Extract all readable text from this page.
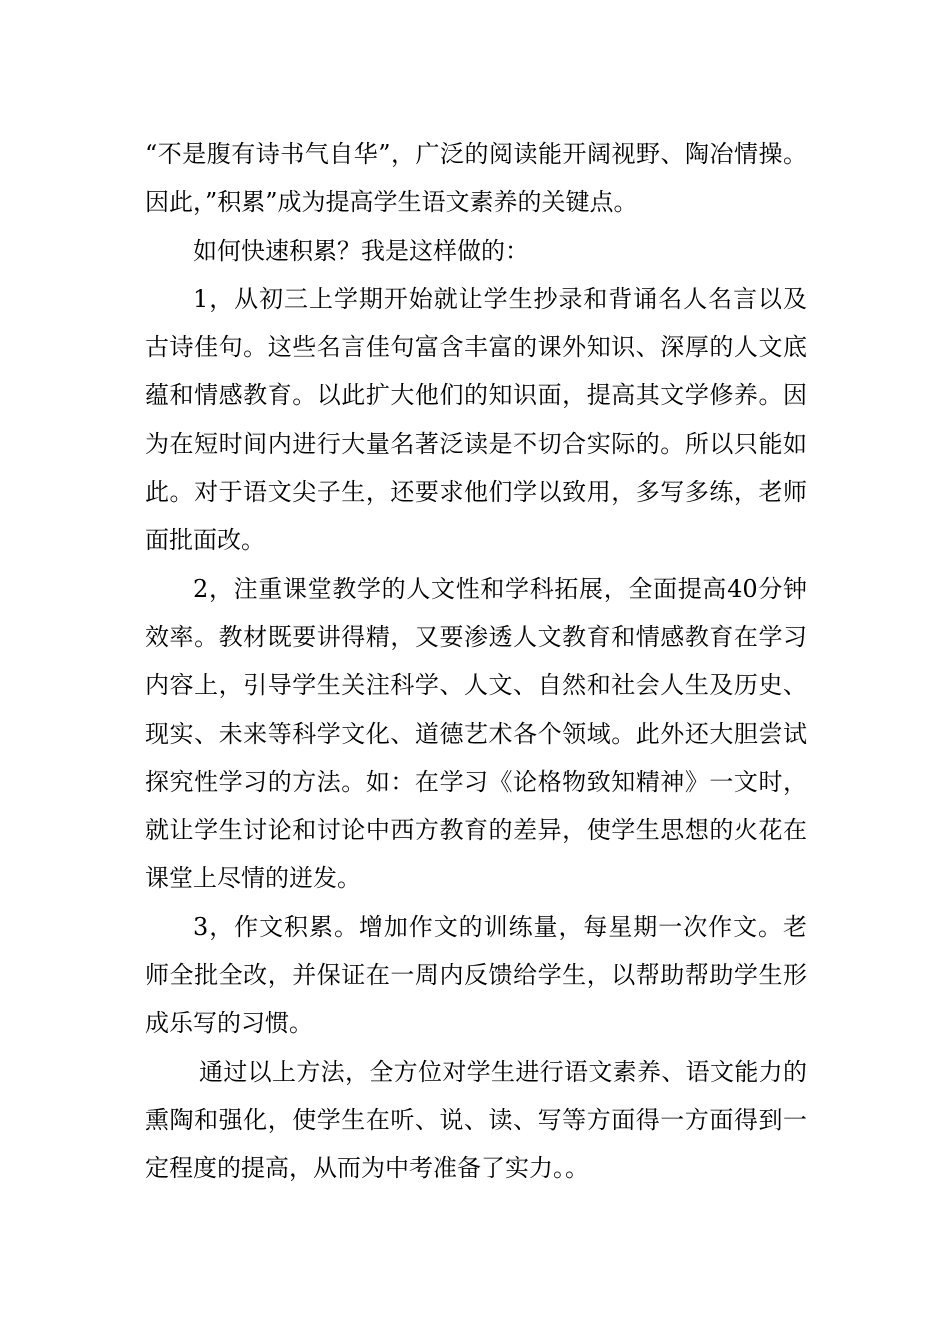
“不是腹有诗书气自华”，广泛的阅读能开阔视野、陶冶情操。因此，”积累”成为提高学生语文素养的关键点。

如何快速积累？我是这样做的：

1，从初三上学期开始就让学生抄录和背诵名人名言以及古诗佳句。这些名言佳句富含丰富的课外知识、深厚的人文底蕴和情感教育。以此扩大他们的知识面，提高其文学修养。因为在短时间内进行大量名著泛读是不切合实际的。所以只能如此。对于语文尖子生，还要求他们学以致用，多写多练，老师面批面改。

2，注重课堂教学的人文性和学科拓展，全面提高40分钟效率。教材既要讲得精，又要渗透人文教育和情感教育在学习内容上，引导学生关注科学、人文、自然和社会人生及历史、现实、未来等科学文化、道德艺术各个领域。此外还大胆尝试探究性学习的方法。如：在学习《论格物致知精神》一文时，就让学生讨论和讨论中西方教育的差异，使学生思想的火花在课堂上尽情的迸发。

3，作文积累。增加作文的训练量，每星期一次作文。老师全批全改，并保证在一周内反馈给学生，以帮助帮助学生形成乐写的习惯。

通过以上方法，全方位对学生进行语文素养、语文能力的熏陶和强化，使学生在听、说、读、写等方面得一方面得到一定程度的提高，从而为中考准备了实力。。
